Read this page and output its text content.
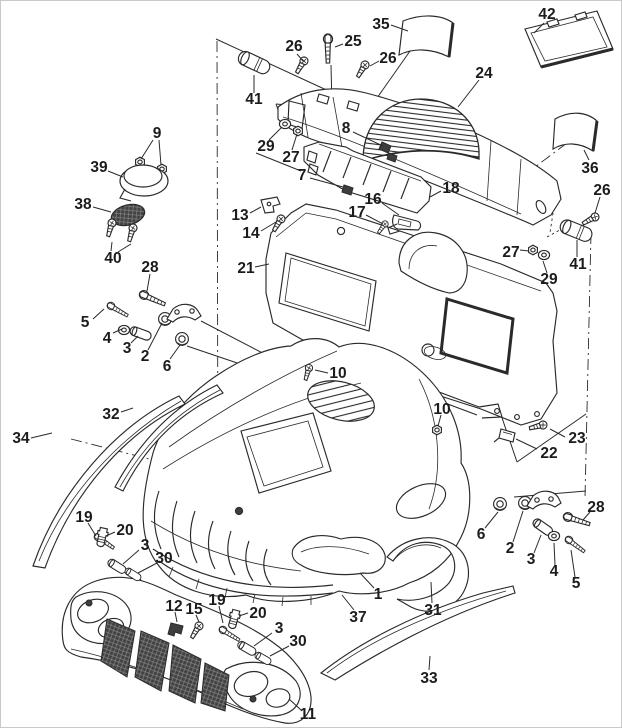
35
42
26	25
26
24
41
36
26
9
39
29
27
8
7
18
38	16
17
13
14
40	27
29
41
21
28
5
4
3 2
6	10
32
34
10
23
22
28
6
2
3
4
5
19
20
3
30
12 15
19
20
3
30
1
37	31
33
11
